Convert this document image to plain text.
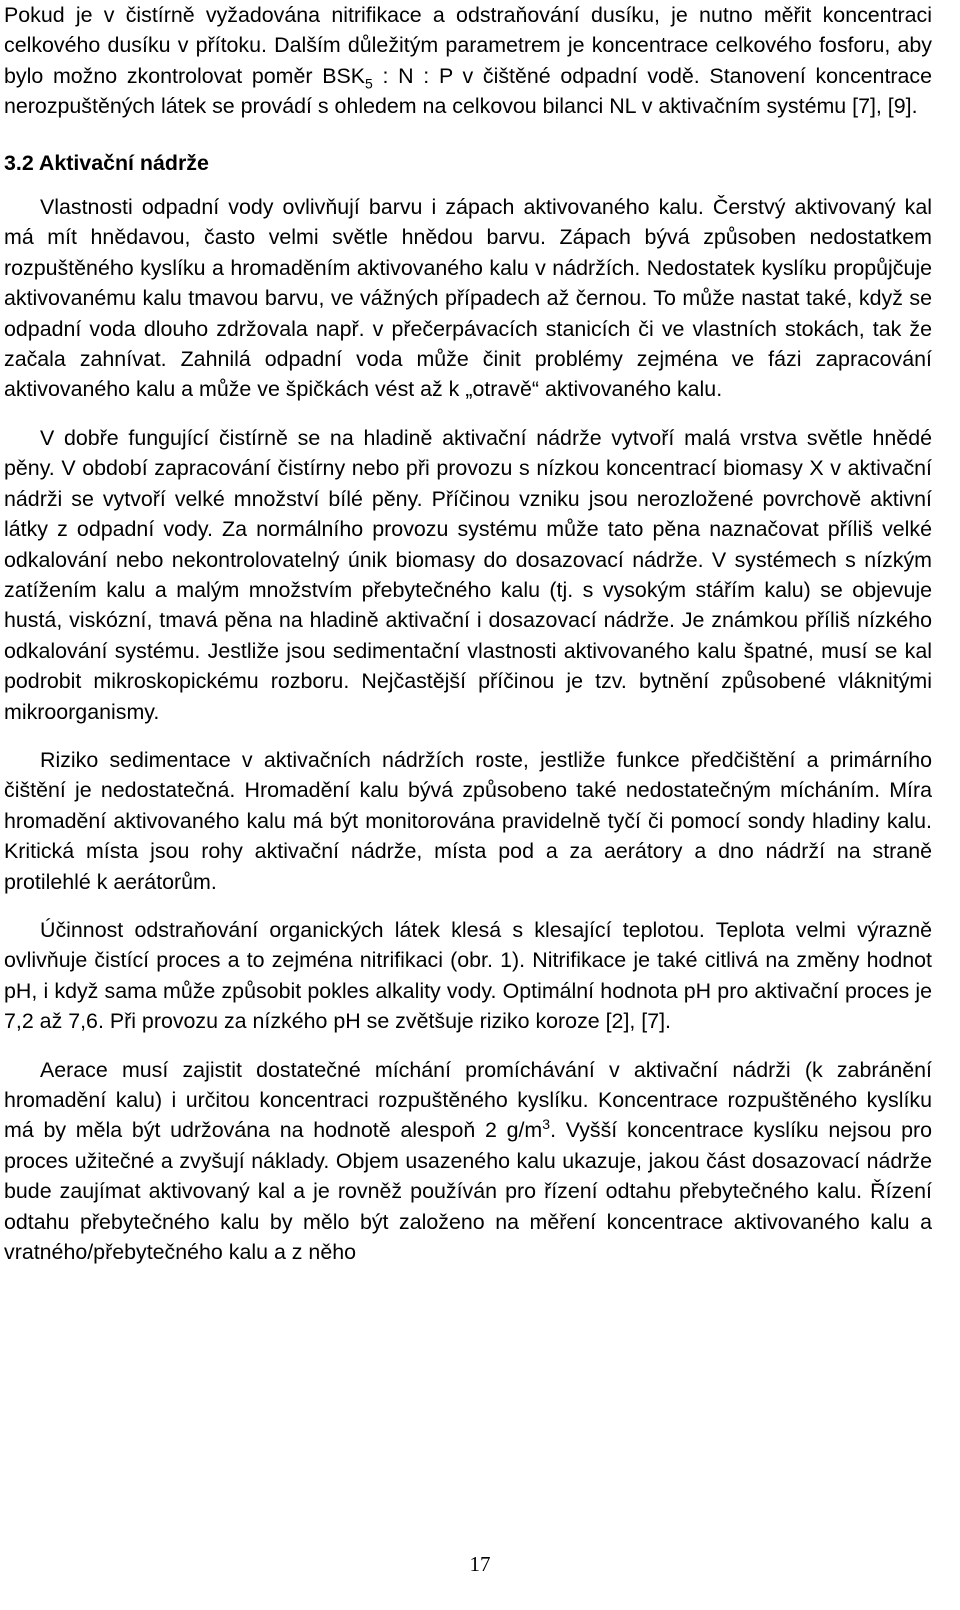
Pokud je v čistírně vyžadována nitrifikace a odstraňování dusíku, je nutno měřit koncentraci celkového dusíku v přítoku. Dalším důležitým parametrem je koncentrace celkového fosforu, aby bylo možno zkontrolovat poměr $BSK_5$ : N : P v čištěné odpadní vodě. Stanovení koncentrace nerozpuštěných látek se provádí s ohledem na celkovou bilanci NL v aktivačním systému [7], [9].

3.2 Aktivační nádrže

Vlastnosti odpadní vody ovlivňují barvu i zápach aktivovaného kalu. Čerstvý aktivovaný kal má mít hnědavou, často velmi světle hnědou barvu. Zápach bývá způsoben nedostatkem rozpuštěného kyslíku a hromaděním aktivovaného kalu v nádržích. Nedostatek kyslíku propůjčuje aktivovanému kalu tmavou barvu, ve vážných případech až černou. To může nastat také, když se odpadní voda dlouho zdržovala např. v přečerpávacích stanicích či ve vlastních stokách, tak že začala zahnívat. Zahnilá odpadní voda může činit problémy zejména ve fázi zapracování aktivovaného kalu a může ve špičkách vést až k „otravě“ aktivovaného kalu.

V dobře fungující čistírně se na hladině aktivační nádrže vytvoří malá vrstva světle hnědé pěny. V období zapracování čistírny nebo při provozu s nízkou koncentrací biomasy X v aktivační nádrži se vytvoří velké množství bílé pěny. Příčinou vzniku jsou nerozložené povrchově aktivní látky z odpadní vody. Za normálního provozu systému může tato pěna naznačovat příliš velké odkalování nebo nekontrolovatelný únik biomasy do dosazovací nádrže. V systémech s nízkým zatížením kalu a malým množstvím přebytečného kalu (tj. s vysokým stářím kalu) se objevuje hustá, viskózní, tmavá pěna na hladině aktivační i dosazovací nádrže. Je známkou příliš nízkého odkalování systému. Jestliže jsou sedimentační vlastnosti aktivovaného kalu špatné, musí se kal podrobit mikroskopickému rozboru. Nejčastější příčinou je tzv. bytnění způsobené vláknitými mikroorganismy.

Riziko sedimentace v aktivačních nádržích roste, jestliže funkce předčištění a primárního čištění je nedostatečná. Hromadění kalu bývá způsobeno také nedostatečným mícháním. Míra hromadění aktivovaného kalu má být monitorována pravidelně tyčí či pomocí sondy hladiny kalu. Kritická místa jsou rohy aktivační nádrže, místa pod a za aerátory a dno nádrží na straně protilehlé k aerátorům.

Účinnost odstraňování organických látek klesá s klesající teplotou. Teplota velmi výrazně ovlivňuje čistící proces a to zejména nitrifikaci (obr. 1). Nitrifikace je také citlivá na změny hodnot pH, i když sama může způsobit pokles alkality vody. Optimální hodnota pH pro aktivační proces je 7,2 až 7,6. Při provozu za nízkého pH se zvětšuje riziko koroze [2], [7].

Aerace musí zajistit dostatečné míchání promíchávání v aktivační nádrži (k zabránění hromadění kalu) i určitou koncentraci rozpuštěného kyslíku. Koncentrace rozpuštěného kyslíku má by měla být udržována na hodnotě alespoň 2 $g/m^3$. Vyšší koncentrace kyslíku nejsou pro proces užitečné a zvyšují náklady. Objem usazeného kalu ukazuje, jakou část dosazovací nádrže bude zaujímat aktivovaný kal a je rovněž používán pro řízení odtahu přebytečného kalu. Řízení odtahu přebytečného kalu by mělo být založeno na měření koncentrace aktivovaného kalu a vratného/přebytečného kalu a z něho

17
